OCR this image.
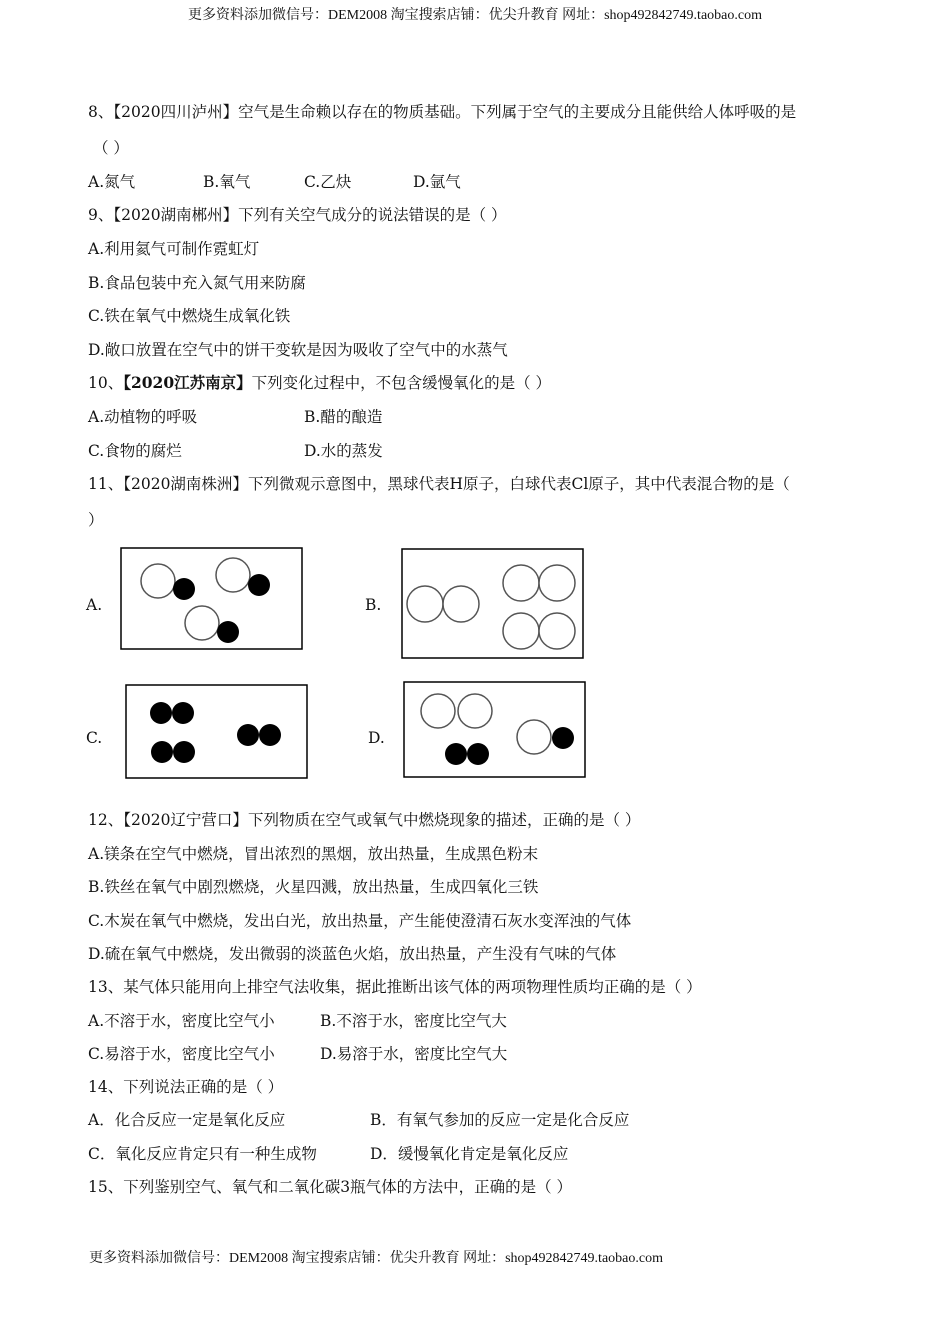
更多资料添加微信号：DEM2008 淘宝搜索店铺：优尖升教育 网址：shop492842749.taobao.com
8、【2020四川泸州】空气是生命赖以存在的物质基础。下列属于空气的主要成分且能供给人体呼吸的是
（ ）
A.氮气	B.氧气	C.乙炔	D.氩气
9、【2020湖南郴州】下列有关空气成分的说法错误的是（ ）
A.利用氦气可制作霓虹灯
B.食品包装中充入氮气用来防腐
C.铁在氧气中燃烧生成氧化铁
D.敞口放置在空气中的饼干变软是因为吸收了空气中的水蒸气
10、【2020江苏南京】下列变化过程中，不包含缓慢氧化的是（ ）
A.动植物的呼吸	B.醋的酿造
C.食物的腐烂	D.水的蒸发
11、【2020湖南株洲】下列微观示意图中，黑球代表H原子，白球代表Cl原子，其中代表混合物的是（
）
A.	B.
C.	D.
12、【2020辽宁营口】下列物质在空气或氧气中燃烧现象的描述，正确的是（ ）
A.镁条在空气中燃烧，冒出浓烈的黑烟，放出热量，生成黑色粉末
B.铁丝在氧气中剧烈燃烧，火星四溅，放出热量，生成四氧化三铁
C.木炭在氧气中燃烧，发出白光，放出热量，产生能使澄清石灰水变浑浊的气体
D.硫在氧气中燃烧，发出微弱的淡蓝色火焰，放出热量，产生没有气味的气体
13、某气体只能用向上排空气法收集，据此推断出该气体的两项物理性质均正确的是（ ）
A.不溶于水，密度比空气小	B.不溶于水，密度比空气大
C.易溶于水，密度比空气小	D.易溶于水，密度比空气大
14、下列说法正确的是（ ）
A．化合反应一定是氧化反应	B．有氧气参加的反应一定是化合反应
C．氧化反应肯定只有一种生成物	D．缓慢氧化肯定是氧化反应
15、下列鉴别空气、氧气和二氧化碳3瓶气体的方法中，正确的是（ ）
更多资料添加微信号：DEM2008 淘宝搜索店铺：优尖升教育 网址：shop492842749.taobao.com
